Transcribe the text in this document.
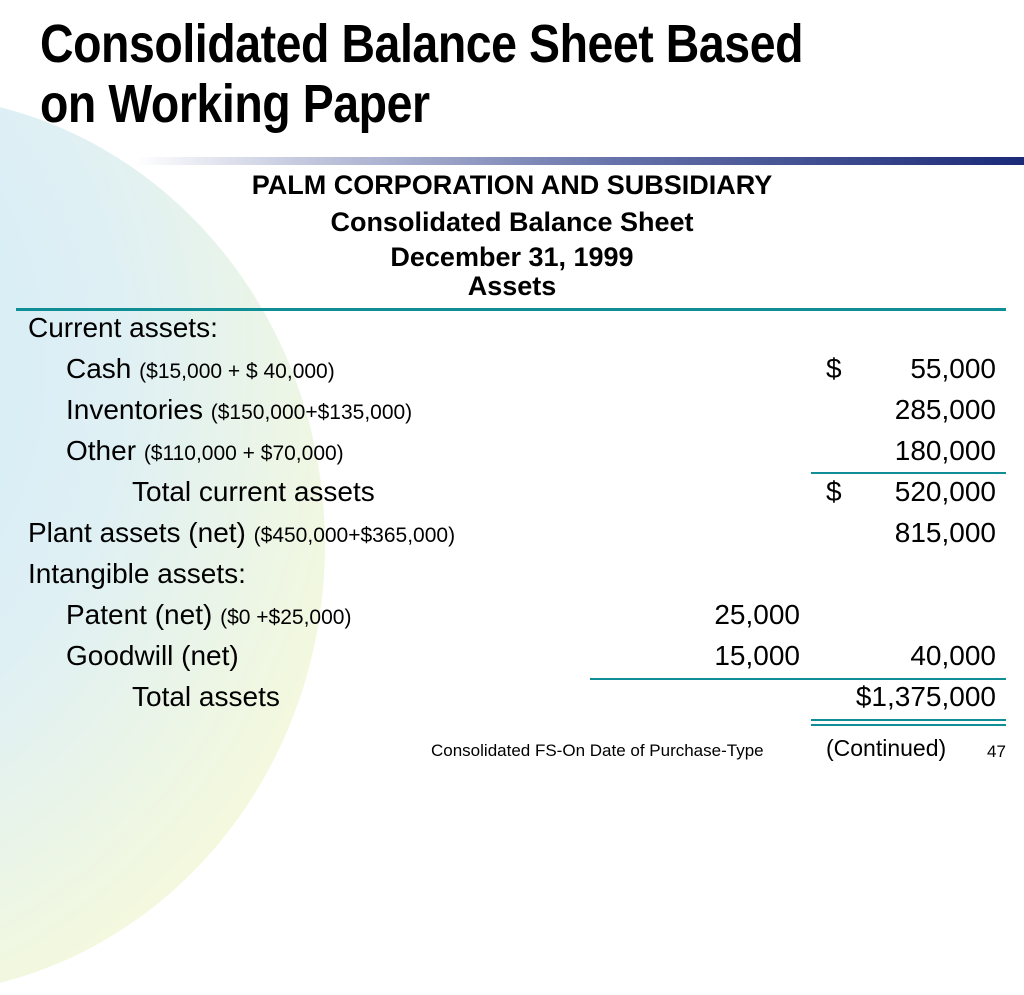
Consolidated Balance Sheet Based
on Working Paper
PALM CORPORATION AND SUBSIDIARY
Consolidated Balance Sheet
December 31, 1999
Assets
Current assets:
Cash ($15,000 + $ 40,000)	$ 55,000
Inventories ($150,000+$135,000)	285,000
Other ($110,000 + $70,000)	180,000
Total current assets	$ 520,000
Plant assets (net) ($450,000+$365,000)	815,000
Intangible assets:
Patent (net) ($0 +$25,000)	25,000
Goodwill (net)	15,000	40,000
Total assets	$1,375,000
Consolidated FS-On Date of Purchase-Type	(Continued) 47
